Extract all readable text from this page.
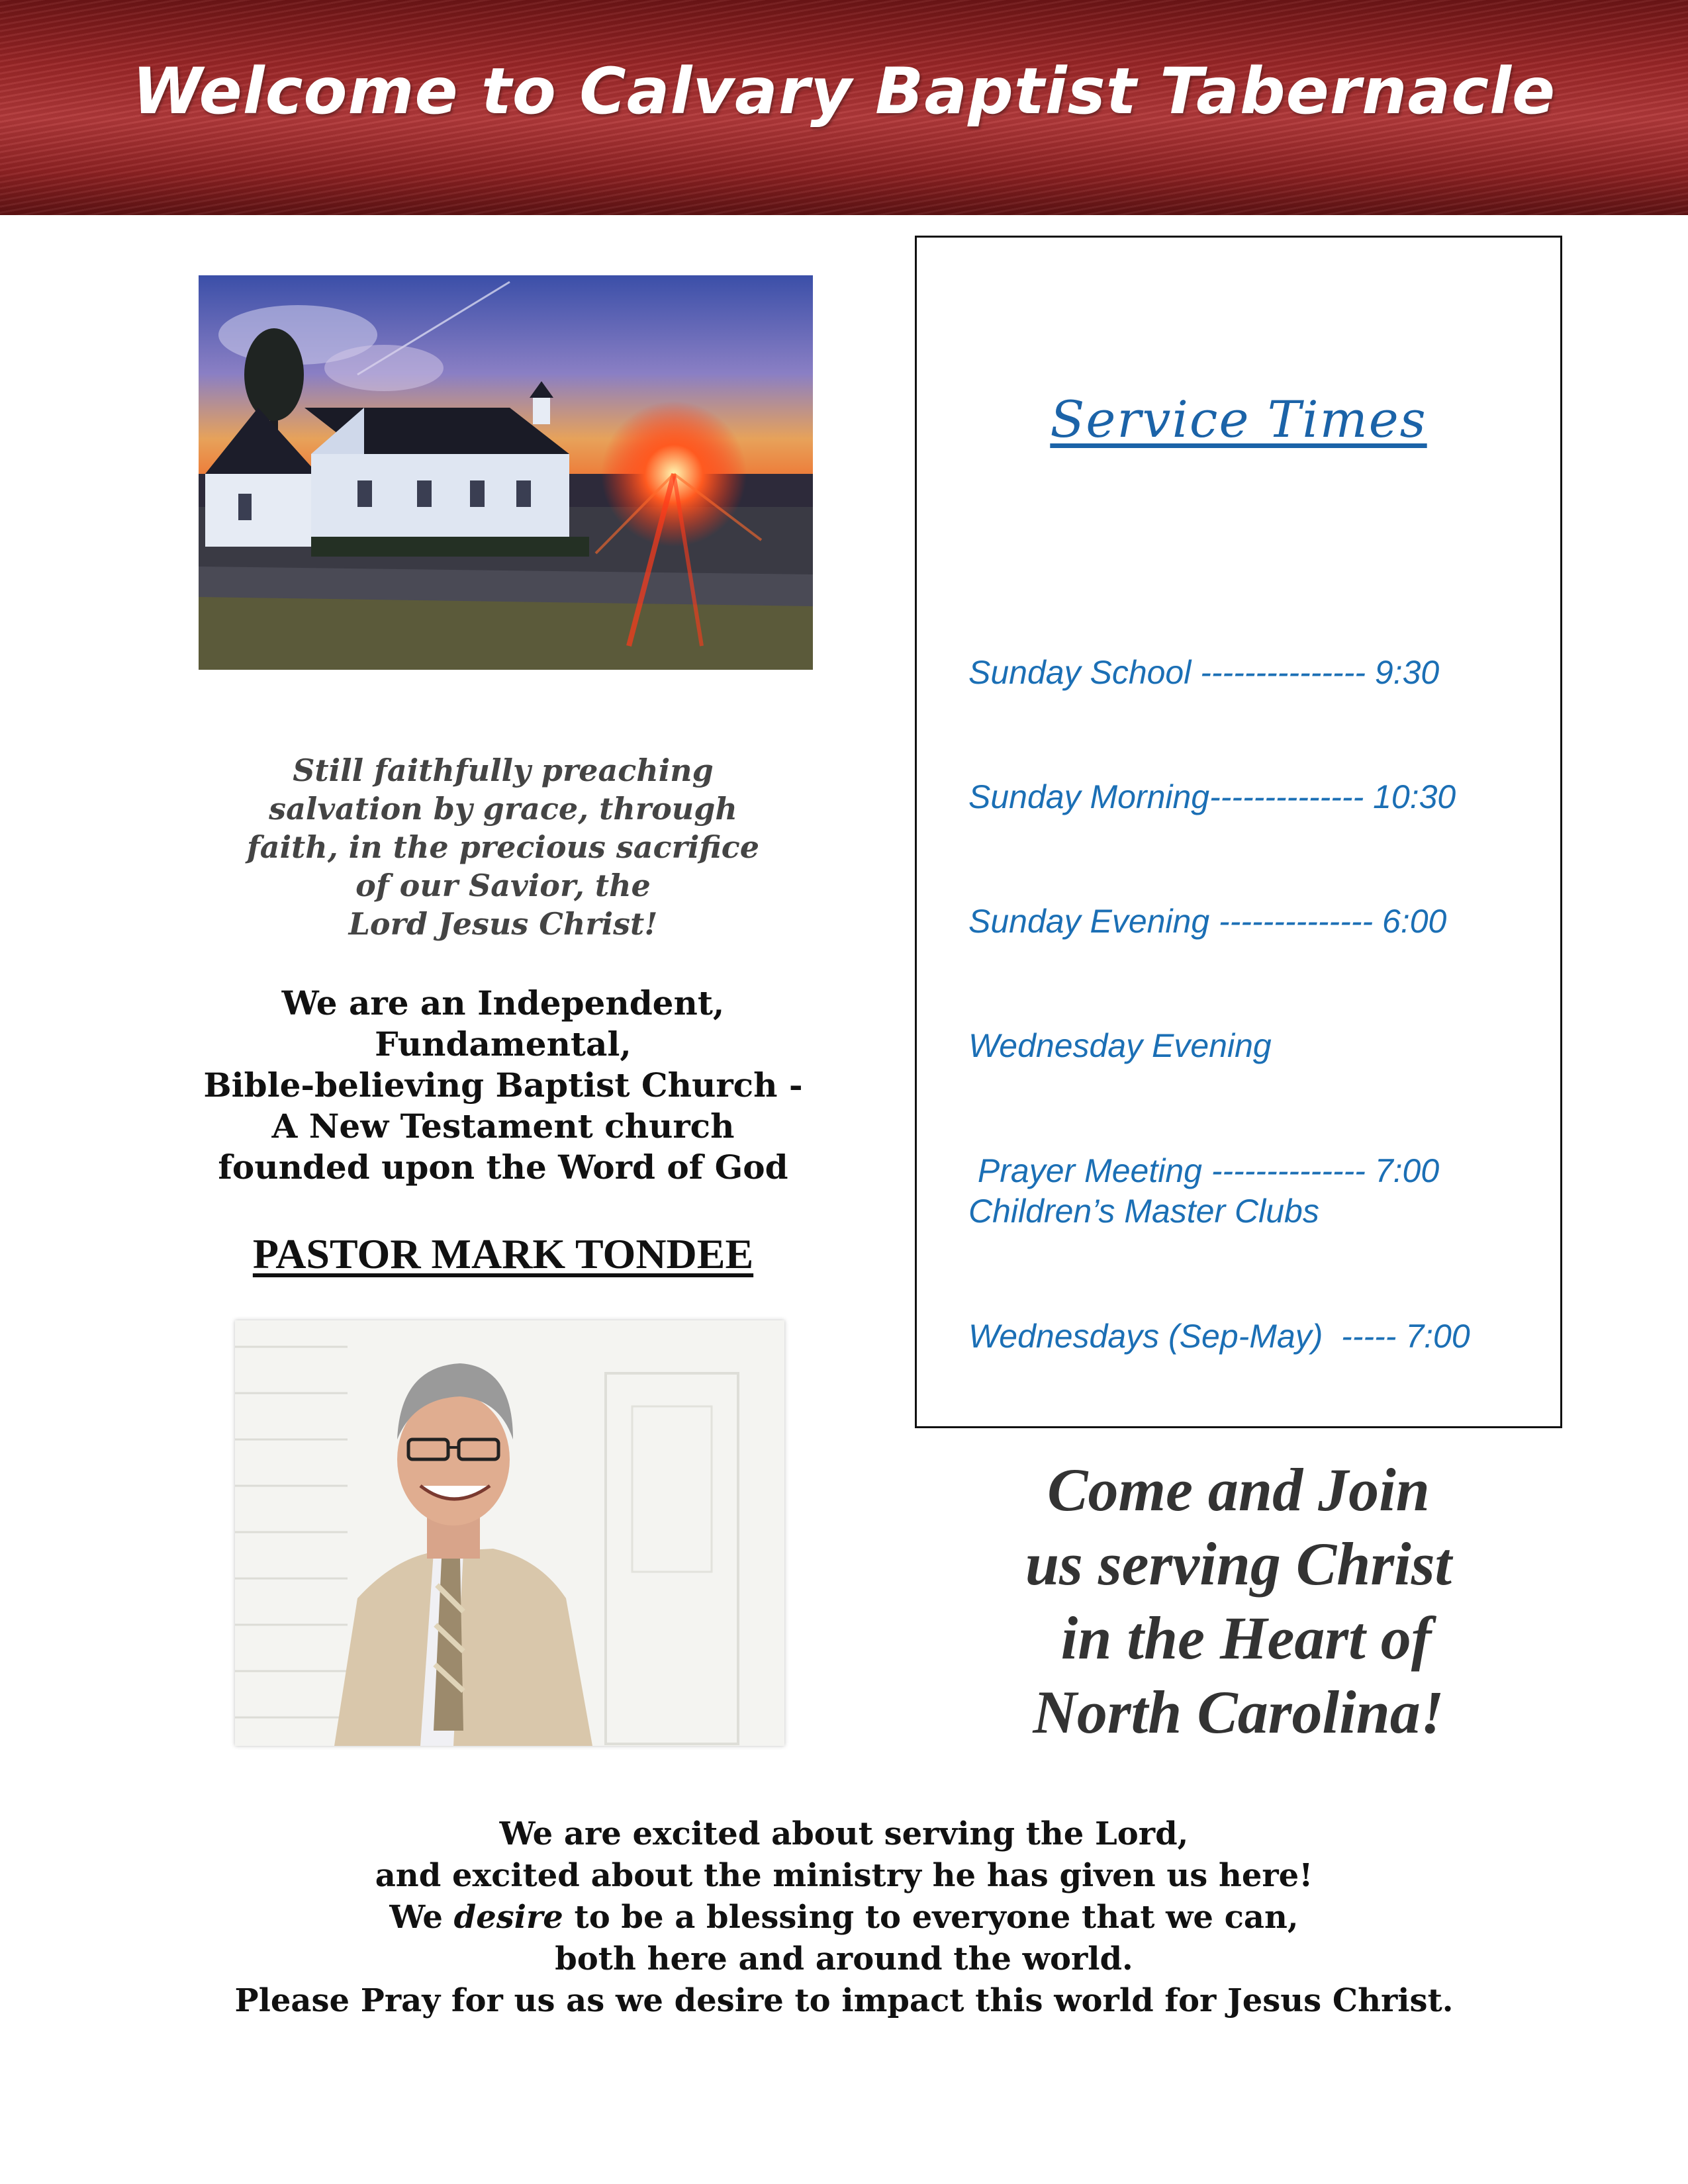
Welcome to Calvary Baptist Tabernacle
Still faithfully preaching
salvation by grace, through
faith, in the precious sacrifice
of our Savior, the
Lord Jesus Christ!
We are an Independent,
Fundamental,
Bible-believing Baptist Church -
A New Testament church
founded upon the Word of God
PASTOR MARK TONDEE
Service Times

Sunday School --------------- 9:30

Sunday Morning-------------- 10:30

Sunday Evening -------------- 6:00

Wednesday Evening

Prayer Meeting -------------- 7:00

Children’s Master Clubs

Wednesdays (Sep-May)  ----- 7:00

Come and Join
us serving Christ
in the Heart of
North Carolina!
We are excited about serving the Lord,
and excited about the ministry he has given us here!
We desire to be a blessing to everyone that we can,
both here and around the world.
Please Pray for us as we desire to impact this world for Jesus Christ.
